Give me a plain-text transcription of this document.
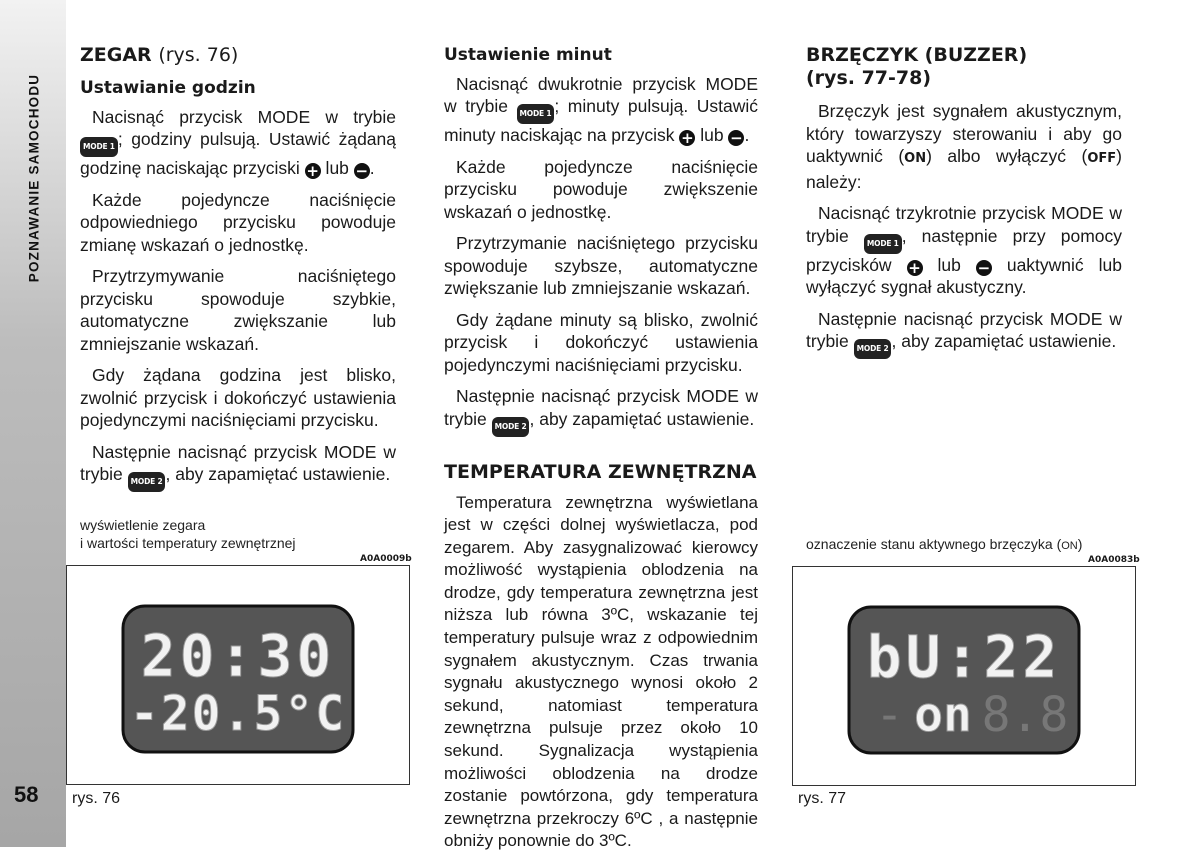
POZNAWANIE SAMOCHODU
58
ZEGAR (rys. 76)
Ustawianie godzin

Nacisnąć przycisk MODE w trybie MODE 1 ; godziny pulsują. Ustawić żądaną godzinę naciskając przyciski + lub −.

Każde pojedyncze naciśnięcie odpowiedniego przycisku powoduje zmianę wskazań o jednostkę.

Przytrzymywanie naciśniętego przycisku spowoduje szybkie, automatyczne zwiększanie lub zmniejszanie wskazań.

Gdy żądana godzina jest blisko, zwolnić przycisk i dokończyć ustawienia pojedynczymi naciśnięciami przycisku.

Następnie nacisnąć przycisk MODE w trybie MODE 2 , aby zapamiętać ustawienie.

Ustawienie minut

Nacisnąć dwukrotnie przycisk MODE w trybie MODE 1 ; minuty pulsują. Ustawić minuty naciskając na przycisk + lub −.

Każde pojedyncze naciśnięcie przycisku powoduje zwiększenie wskazań o jednostkę.

Przytrzymanie naciśniętego przycisku spowoduje szybsze, automatyczne zwiększanie lub zmniejszanie wskazań.

Gdy żądane minuty są blisko, zwolnić przycisk i dokończyć ustawienia pojedynczymi naciśnięciami przycisku.

Następnie nacisnąć przycisk MODE w trybie MODE 2 , aby zapamiętać ustawienie.

TEMPERATURA ZEWNĘTRZNA

Temperatura zewnętrzna wyświetlana jest w części dolnej wyświetlacza, pod zegarem. Aby zasygnalizować kierowcy możliwość wystąpienia oblodzenia na drodze, gdy temperatura zewnętrzna jest niższa lub równa 3ºC, wskazanie tej temperatury pulsuje wraz z odpowiednim sygnałem akustycznym. Czas trwania sygnału akustycznego wynosi około 2 sekund, natomiast temperatura zewnętrzna pulsuje przez około 10 sekund. Sygnalizacja wystąpienia możliwości oblodzenia na drodze zostanie powtórzona, gdy temperatura zewnętrzna przekroczy 6ºC , a następnie obniży ponownie do 3ºC.

BRZĘCZYK (BUZZER)
(rys. 77-78)

Brzęczyk jest sygnałem akustycznym, który towarzyszy sterowaniu i aby go uaktywnić (ON) albo wyłączyć (OFF) należy:

Nacisnąć trzykrotnie przycisk MODE w trybie MODE 1 , następnie przy pomocy przycisków + lub − uaktywnić lub wyłączyć sygnał akustyczny.

Następnie nacisnąć przycisk MODE w trybie MODE 2 , aby zapamiętać ustawienie.

wyświetlenie zegara
i wartości temperatury zewnętrznej
A0A0009b
20:30
-20.5°C
rys. 76
oznaczenie stanu aktywnego brzęczyka (ON)
A0A0083b
bU:22
- on 8.8
rys. 77
